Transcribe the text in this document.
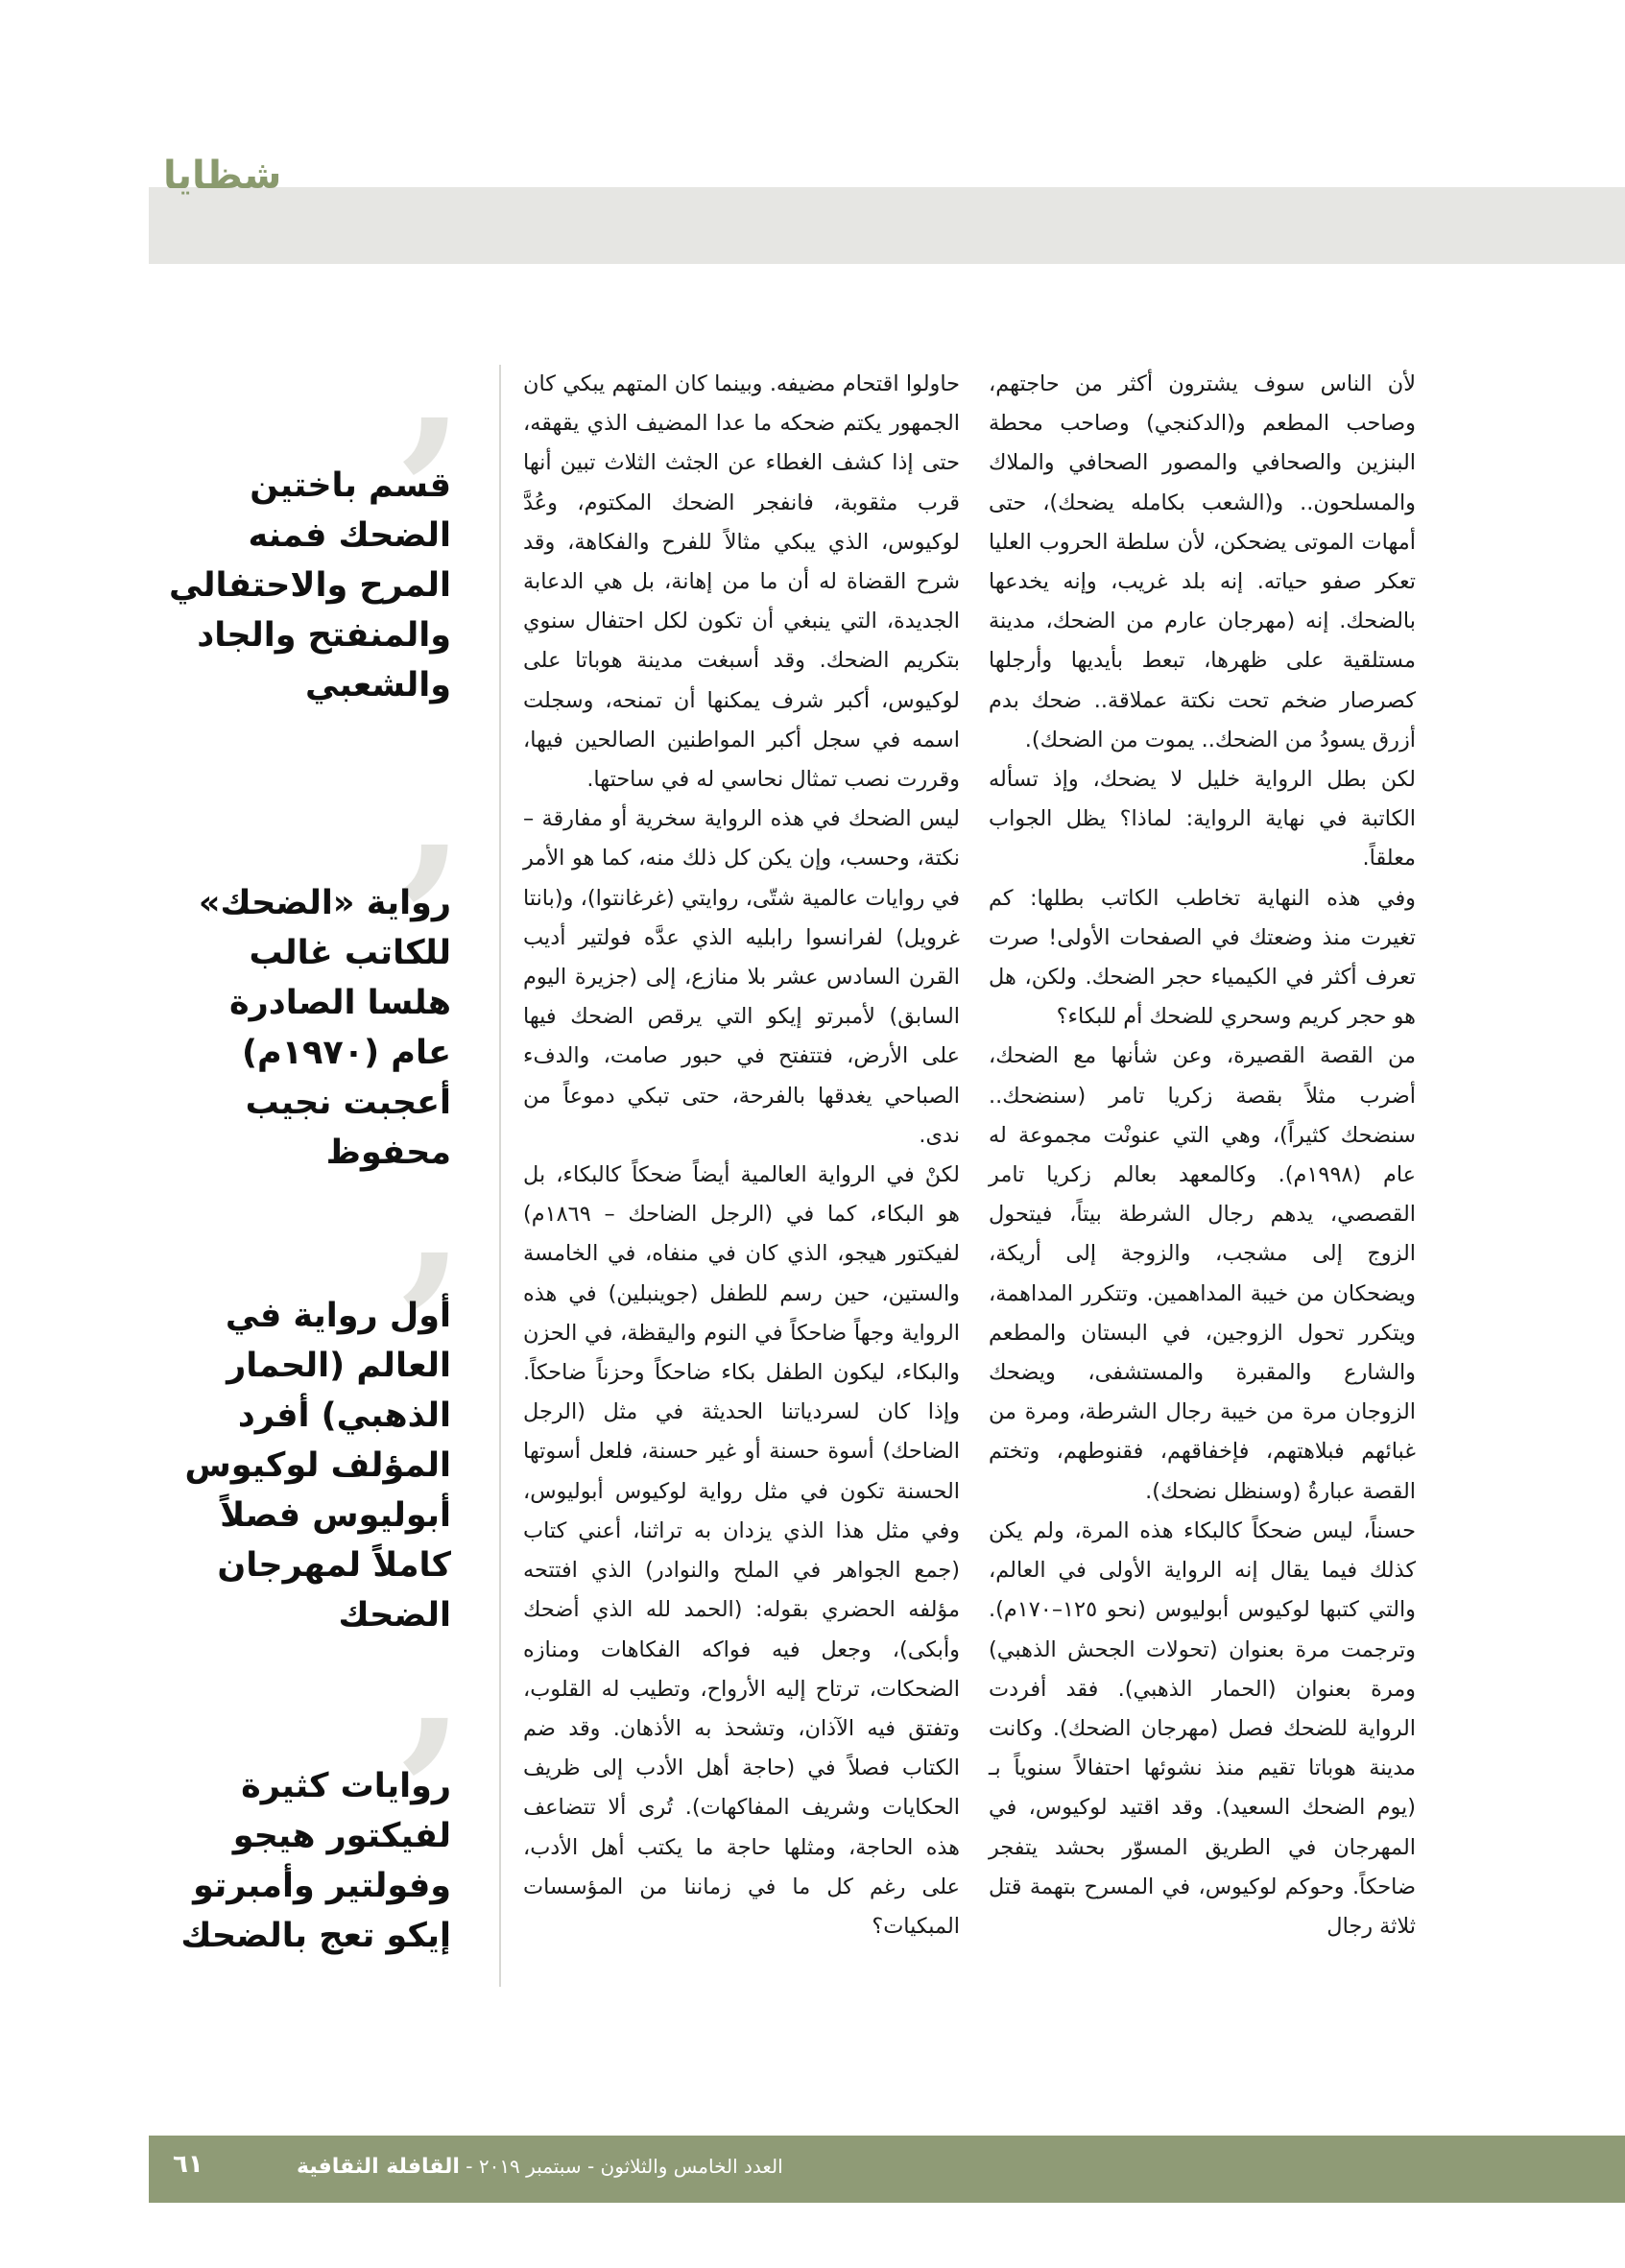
شظايا

لأن الناس سوف يشترون أكثر من حاجتهم، وصاحب المطعم و(الدكنجي) وصاحب محطة البنزين والصحافي والمصور الصحافي والملاك والمسلحون.. و(الشعب بكامله يضحك)، حتى أمهات الموتى يضحكن، لأن سلطة الحروب العليا تعكر صفو حياته. إنه بلد غريب، وإنه يخدعها بالضحك. إنه (مهرجان عارم من الضحك، مدينة مستلقية على ظهرها، تبعط بأيديها وأرجلها كصرصار ضخم تحت نكتة عملاقة.. ضحك بدم أزرق يسودُ من الضحك.. يموت من الضحك).

لكن بطل الرواية خليل لا يضحك، وإذ تسأله الكاتبة في نهاية الرواية: لماذا؟ يظل الجواب معلقاً.

وفي هذه النهاية تخاطب الكاتب بطلها: كم تغيرت منذ وضعتك في الصفحات الأولى! صرت تعرف أكثر في الكيمياء حجر الضحك. ولكن، هل هو حجر كريم وسحري للضحك أم للبكاء؟

من القصة القصيرة، وعن شأنها مع الضحك، أضرب مثلاً بقصة زكريا تامر (سنضحك.. سنضحك كثيراً)، وهي التي عنونْت مجموعة له عام (١٩٩٨م). وكالمعهد بعالم زكريا تامر القصصي، يدهم رجال الشرطة بيتاً، فيتحول الزوج إلى مشجب، والزوجة إلى أريكة، ويضحكان من خيبة المداهمين. وتتكرر المداهمة، ويتكرر تحول الزوجين، في البستان والمطعم والشارع والمقبرة والمستشفى، ويضحك الزوجان مرة من خيبة رجال الشرطة، ومرة من غبائهم فبلاهتهم، فإخفاقهم، فقنوطهم، وتختم القصة عبارةُ (وسنظل نضحك).

حسناً، ليس ضحكاً كالبكاء هذه المرة، ولم يكن كذلك فيما يقال إنه الرواية الأولى في العالم، والتي كتبها لوكيوس أبوليوس (نحو ١٢٥–١٧٠م). وترجمت مرة بعنوان (تحولات الجحش الذهبي) ومرة بعنوان (الحمار الذهبي). فقد أفردت الرواية للضحك فصل (مهرجان الضحك). وكانت مدينة هوباتا تقيم منذ نشوئها احتفالاً سنوياً بـ (يوم الضحك السعيد). وقد اقتيد لوكيوس، في المهرجان في الطريق المسوّر بحشد يتفجر ضاحكاً. وحوكم لوكيوس، في المسرح بتهمة قتل ثلاثة رجال

حاولوا اقتحام مضيفه. وبينما كان المتهم يبكي كان الجمهور يكتم ضحكه ما عدا المضيف الذي يقهقه، حتى إذا كشف الغطاء عن الجثث الثلاث تبين أنها قرب مثقوبة، فانفجر الضحك المكتوم، وعُدَّ لوكيوس، الذي يبكي مثالاً للفرح والفكاهة، وقد شرح القضاة له أن ما من إهانة، بل هي الدعابة الجديدة، التي ينبغي أن تكون لكل احتفال سنوي بتكريم الضحك. وقد أسبغت مدينة هوباتا على لوكيوس، أكبر شرف يمكنها أن تمنحه، وسجلت اسمه في سجل أكبر المواطنين الصالحين فيها، وقررت نصب تمثال نحاسي له في ساحتها.

ليس الضحك في هذه الرواية سخرية أو مفارقة – نكتة، وحسب، وإن يكن كل ذلك منه، كما هو الأمر في روايات عالمية شتّى، روايتي (غرغانتوا)، و(بانتا غرويل) لفرانسوا رابليه الذي عدَّه فولتير أديب القرن السادس عشر بلا منازع، إلى (جزيرة اليوم السابق) لأمبرتو إيكو التي يرقص الضحك فيها على الأرض، فتتفتح في حبور صامت، والدفء الصباحي يغدقها بالفرحة، حتى تبكي دموعاً من ندى.

لكنْ في الرواية العالمية أيضاً ضحكاً كالبكاء، بل هو البكاء، كما في (الرجل الضاحك – ١٨٦٩م) لفيكتور هيجو، الذي كان في منفاه، في الخامسة والستين، حين رسم للطفل (جوينبلين) في هذه الرواية وجهاً ضاحكاً في النوم واليقظة، في الحزن والبكاء، ليكون الطفل بكاء ضاحكاً وحزناً ضاحكاً. وإذا كان لسردياتنا الحديثة في مثل (الرجل الضاحك) أسوة حسنة أو غير حسنة، فلعل أسوتها الحسنة تكون في مثل رواية لوكيوس أبوليوس، وفي مثل هذا الذي يزدان به تراثنا، أعني كتاب (جمع الجواهر في الملح والنوادر) الذي افتتحه مؤلفه الحضري بقوله: (الحمد لله الذي أضحك وأبكى)، وجعل فيه فواكه الفكاهات ومنازه الضحكات، ترتاح إليه الأرواح، وتطيب له القلوب، وتفتق فيه الآذان، وتشحذ به الأذهان. وقد ضم الكتاب فصلاً في (حاجة أهل الأدب إلى ظريف الحكايات وشريف المفاكهات). تُرى ألا تتضاعف هذه الحاجة، ومثلها حاجة ما يكتب أهل الأدب، على رغم كل ما في زماننا من المؤسسات المبكيات؟

’
قسم باختين الضحك فمنه المرح والاحتفالي والمنفتح والجاد والشعبي
’
رواية «الضحك» للكاتب غالب هلسا الصادرة عام (١٩٧٠م) أعجبت نجيب محفوظ
’
أول رواية في العالم (الحمار الذهبي) أفرد المؤلف لوكيوس أبوليوس فصلاً كاملاً لمهرجان الضحك
’
روايات كثيرة لفيكتور هيجو وفولتير وأمبرتو إيكو تعج بالضحك
العدد الخامس والثلاثون - سبتمبر ٢٠١٩ - القافلة الثقافية
٦١
